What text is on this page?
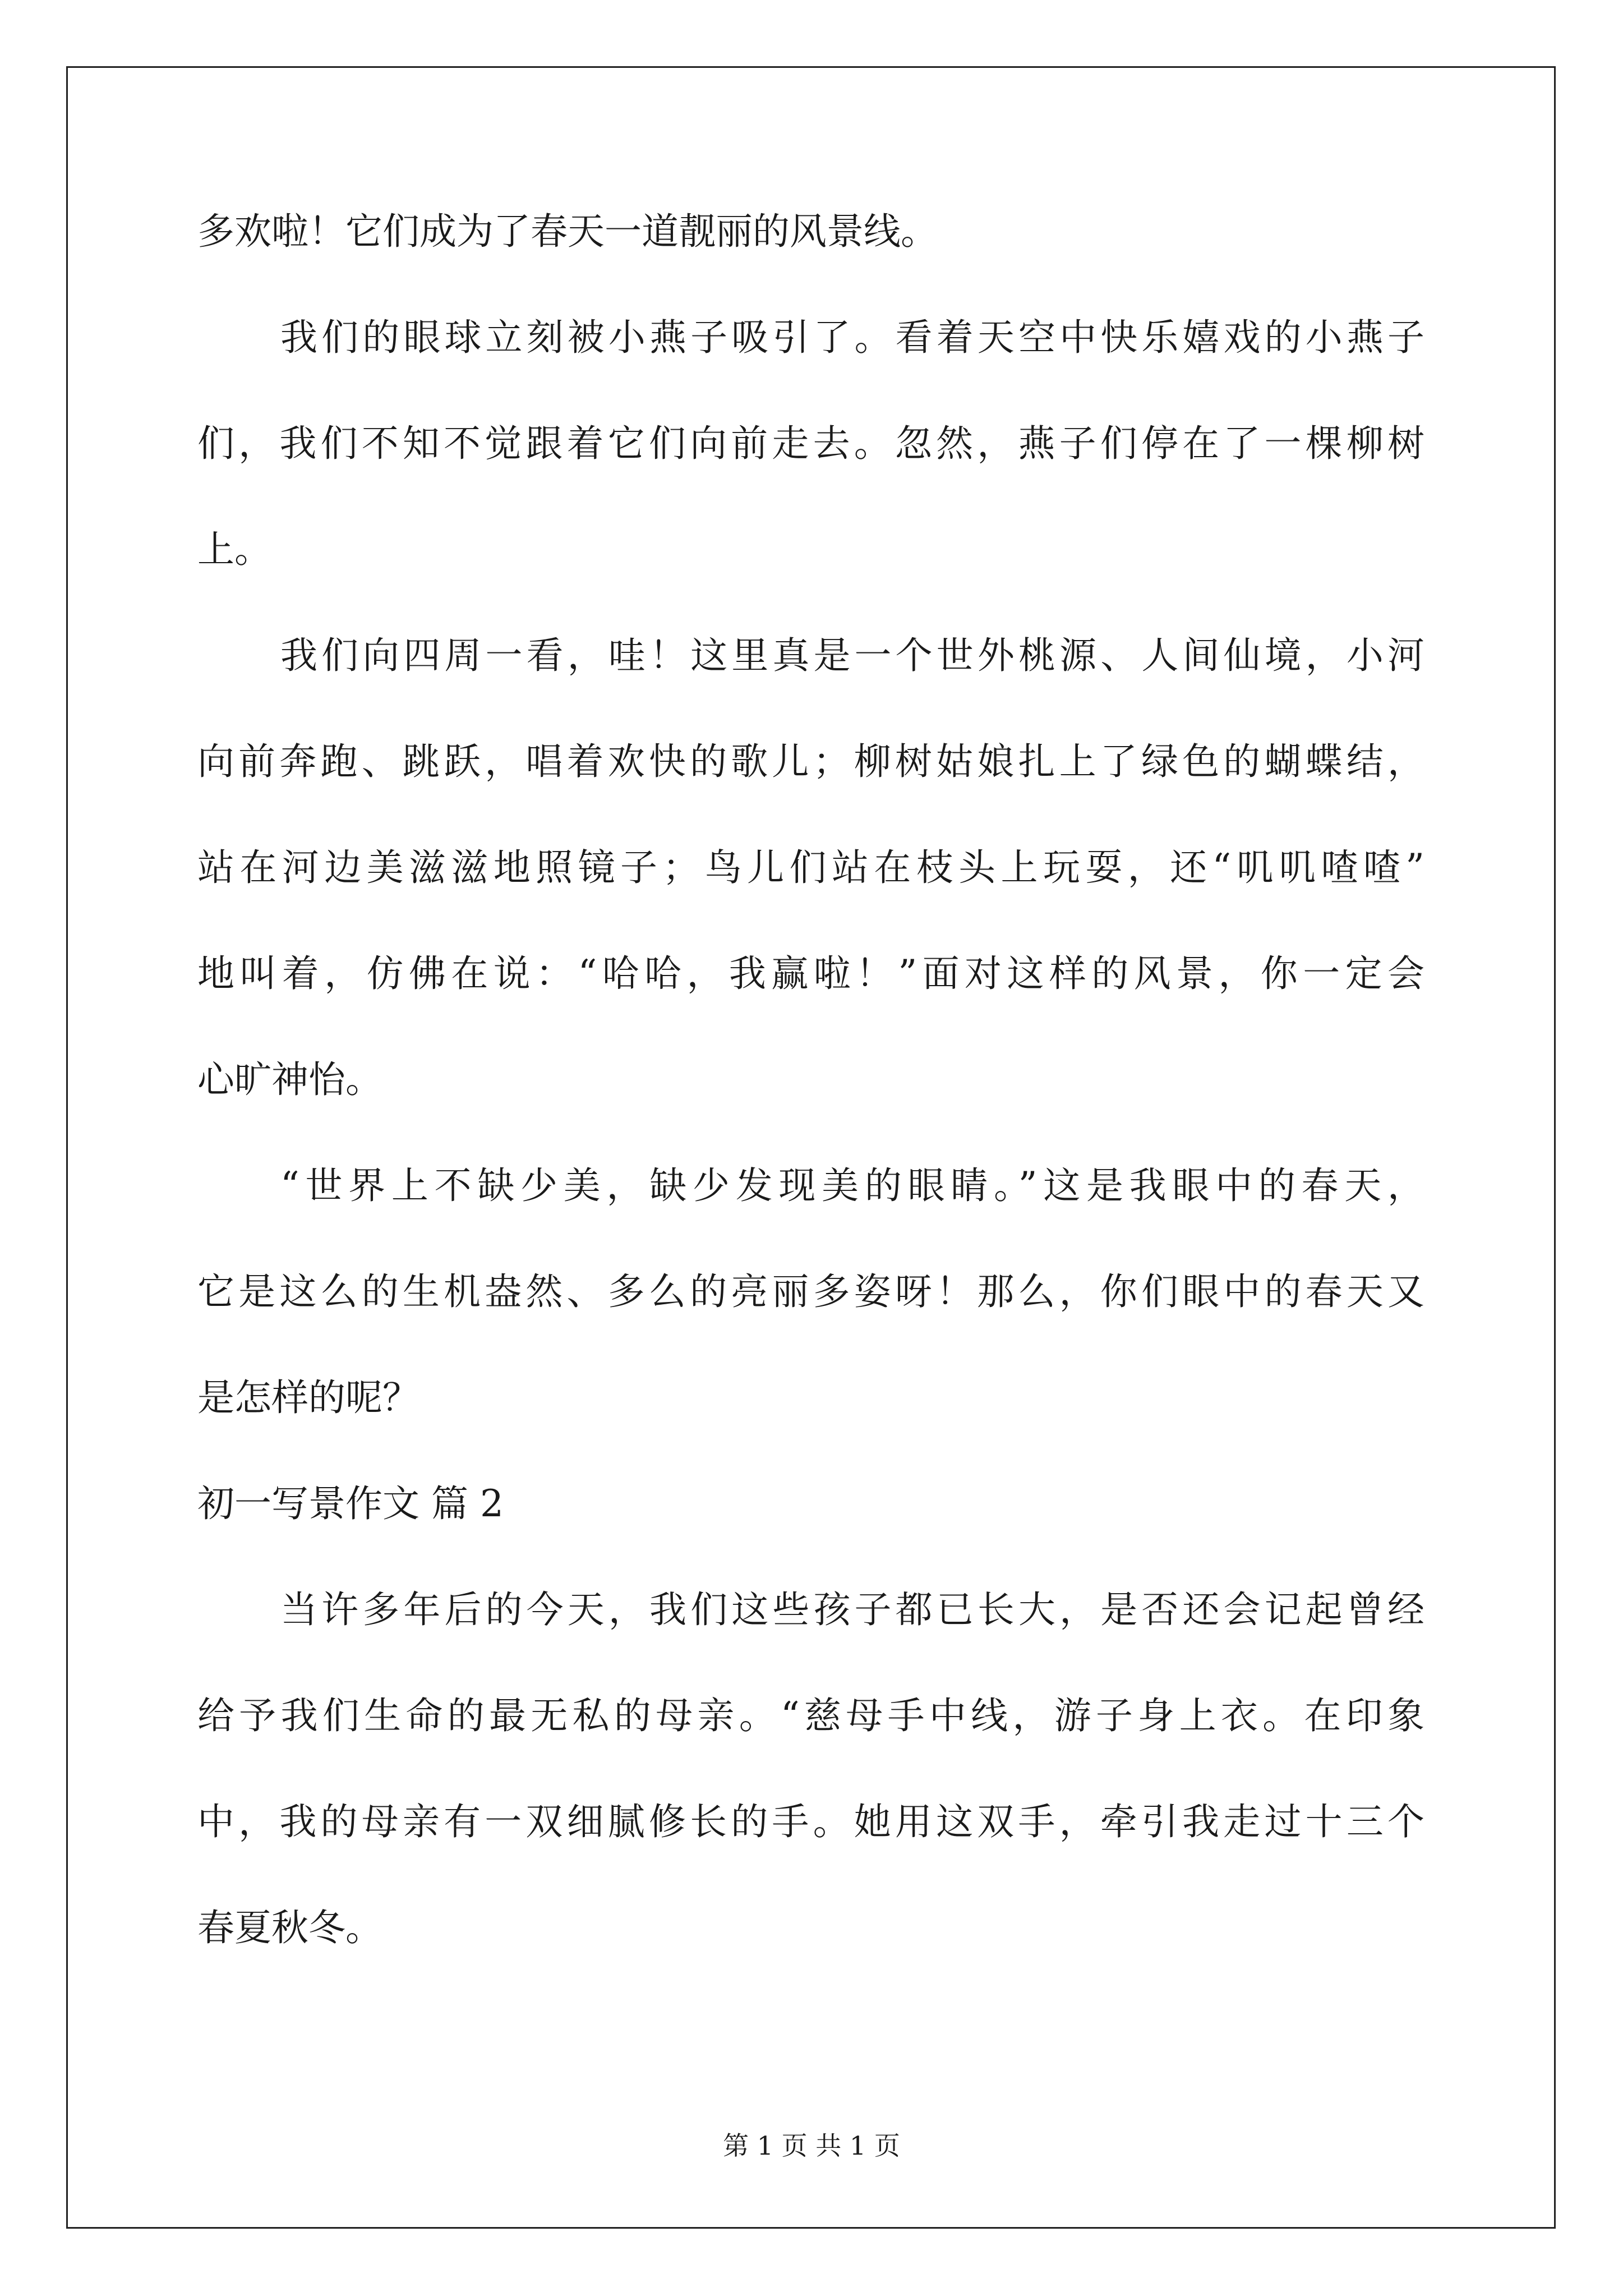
多欢啦！它们成为了春天一道靓丽的风景线。
我们的眼球立刻被小燕子吸引了。看着天空中快乐嬉戏的小燕子
们，我们不知不觉跟着它们向前走去。忽然，燕子们停在了一棵柳树
上。
我们向四周一看，哇！这里真是一个世外桃源、人间仙境，小河
向前奔跑、跳跃，唱着欢快的歌儿；柳树姑娘扎上了绿色的蝴蝶结，
站在河边美滋滋地照镜子；鸟儿们站在枝头上玩耍，还“叽叽喳喳”
地叫着，仿佛在说：“哈哈，我赢啦！”面对这样的风景，你一定会
心旷神怡。
“世界上不缺少美，缺少发现美的眼睛。”这是我眼中的春天，
它是这么的生机盎然、多么的亮丽多姿呀！那么，你们眼中的春天又
是怎样的呢？
初一写景作文 篇 2
当许多年后的今天，我们这些孩子都已长大，是否还会记起曾经
给予我们生命的最无私的母亲。“慈母手中线，游子身上衣。在印象
中，我的母亲有一双细腻修长的手。她用这双手，牵引我走过十三个
春夏秋冬。
第 1 页 共 1 页
